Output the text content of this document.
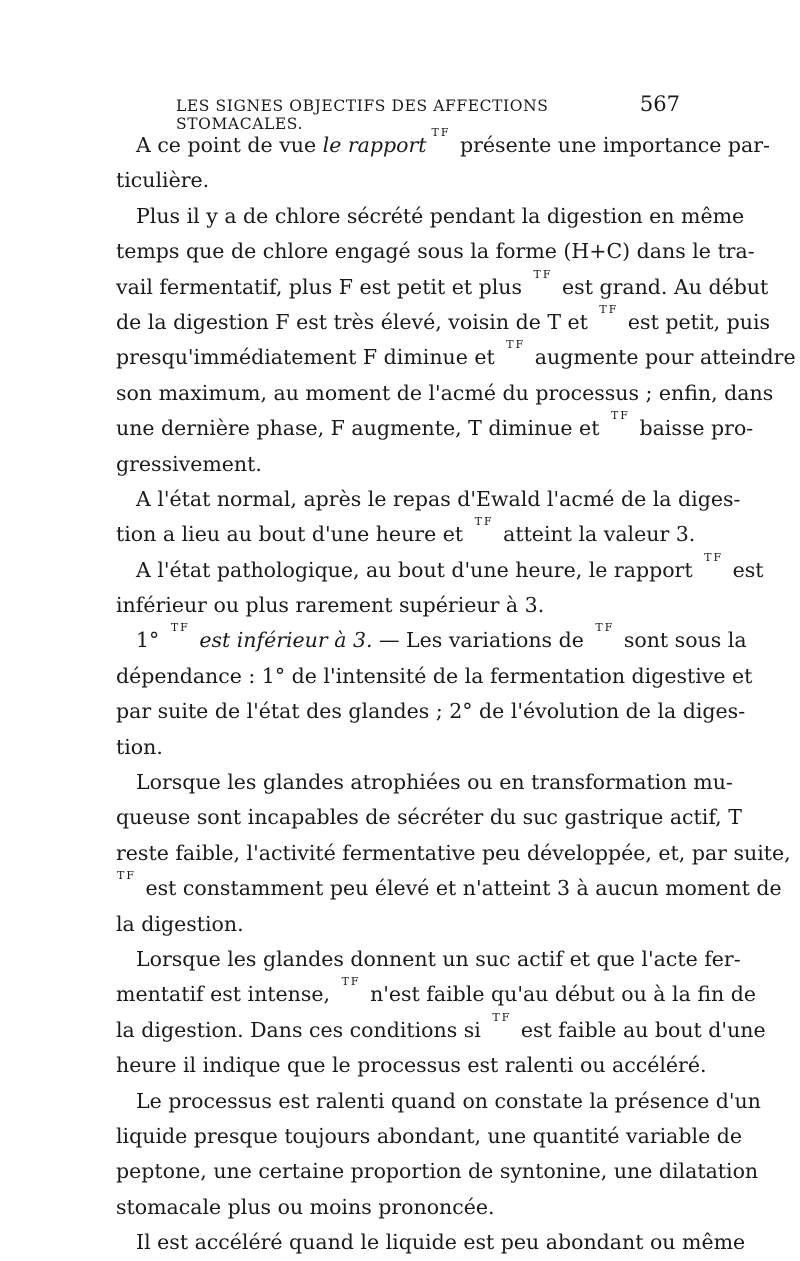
LES SIGNES OBJECTIFS DES AFFECTIONS STOMACALES.
567
A ce point de vue le rapport
T F
présente une importance par-
ticulière.
Plus il y a de chlore sécrété pendant la digestion en même
temps que de chlore engagé sous la forme (H+C) dans le tra-
vail fermentatif, plus F est petit et plus
T F
est grand. Au début
de la digestion F est très élevé, voisin de T et
T F
est petit, puis
presqu'immédiatement F diminue et
T F
augmente pour atteindre
son maximum, au moment de l'acmé du processus ; enfin, dans
une dernière phase, F augmente, T diminue et
T F
baisse pro-
gressivement.
A l'état normal, après le repas d'Ewald l'acmé de la diges-
tion a lieu au bout d'une heure et
T F
atteint la valeur 3.
A l'état pathologique, au bout d'une heure, le rapport
T F
est
inférieur ou plus rarement supérieur à 3.
1°
T F
est inférieur à 3. — Les variations de
T F
sont sous la
dépendance : 1° de l'intensité de la fermentation digestive et
par suite de l'état des glandes ; 2° de l'évolution de la diges-
tion.
Lorsque les glandes atrophiées ou en transformation mu-
queuse sont incapables de sécréter du suc gastrique actif, T
reste faible, l'activité fermentative peu développée, et, par suite,
T F
est constamment peu élevé et n'atteint 3 à aucun moment de
la digestion.
Lorsque les glandes donnent un suc actif et que l'acte fer-
mentatif est intense,
T F
n'est faible qu'au début ou à la fin de
la digestion. Dans ces conditions si
T F
est faible au bout d'une
heure il indique que le processus est ralenti ou accéléré.
Le processus est ralenti quand on constate la présence d'un
liquide presque toujours abondant, une quantité variable de
peptone, une certaine proportion de syntonine, une dilatation
stomacale plus ou moins prononcée.
Il est accéléré quand le liquide est peu abondant ou même
